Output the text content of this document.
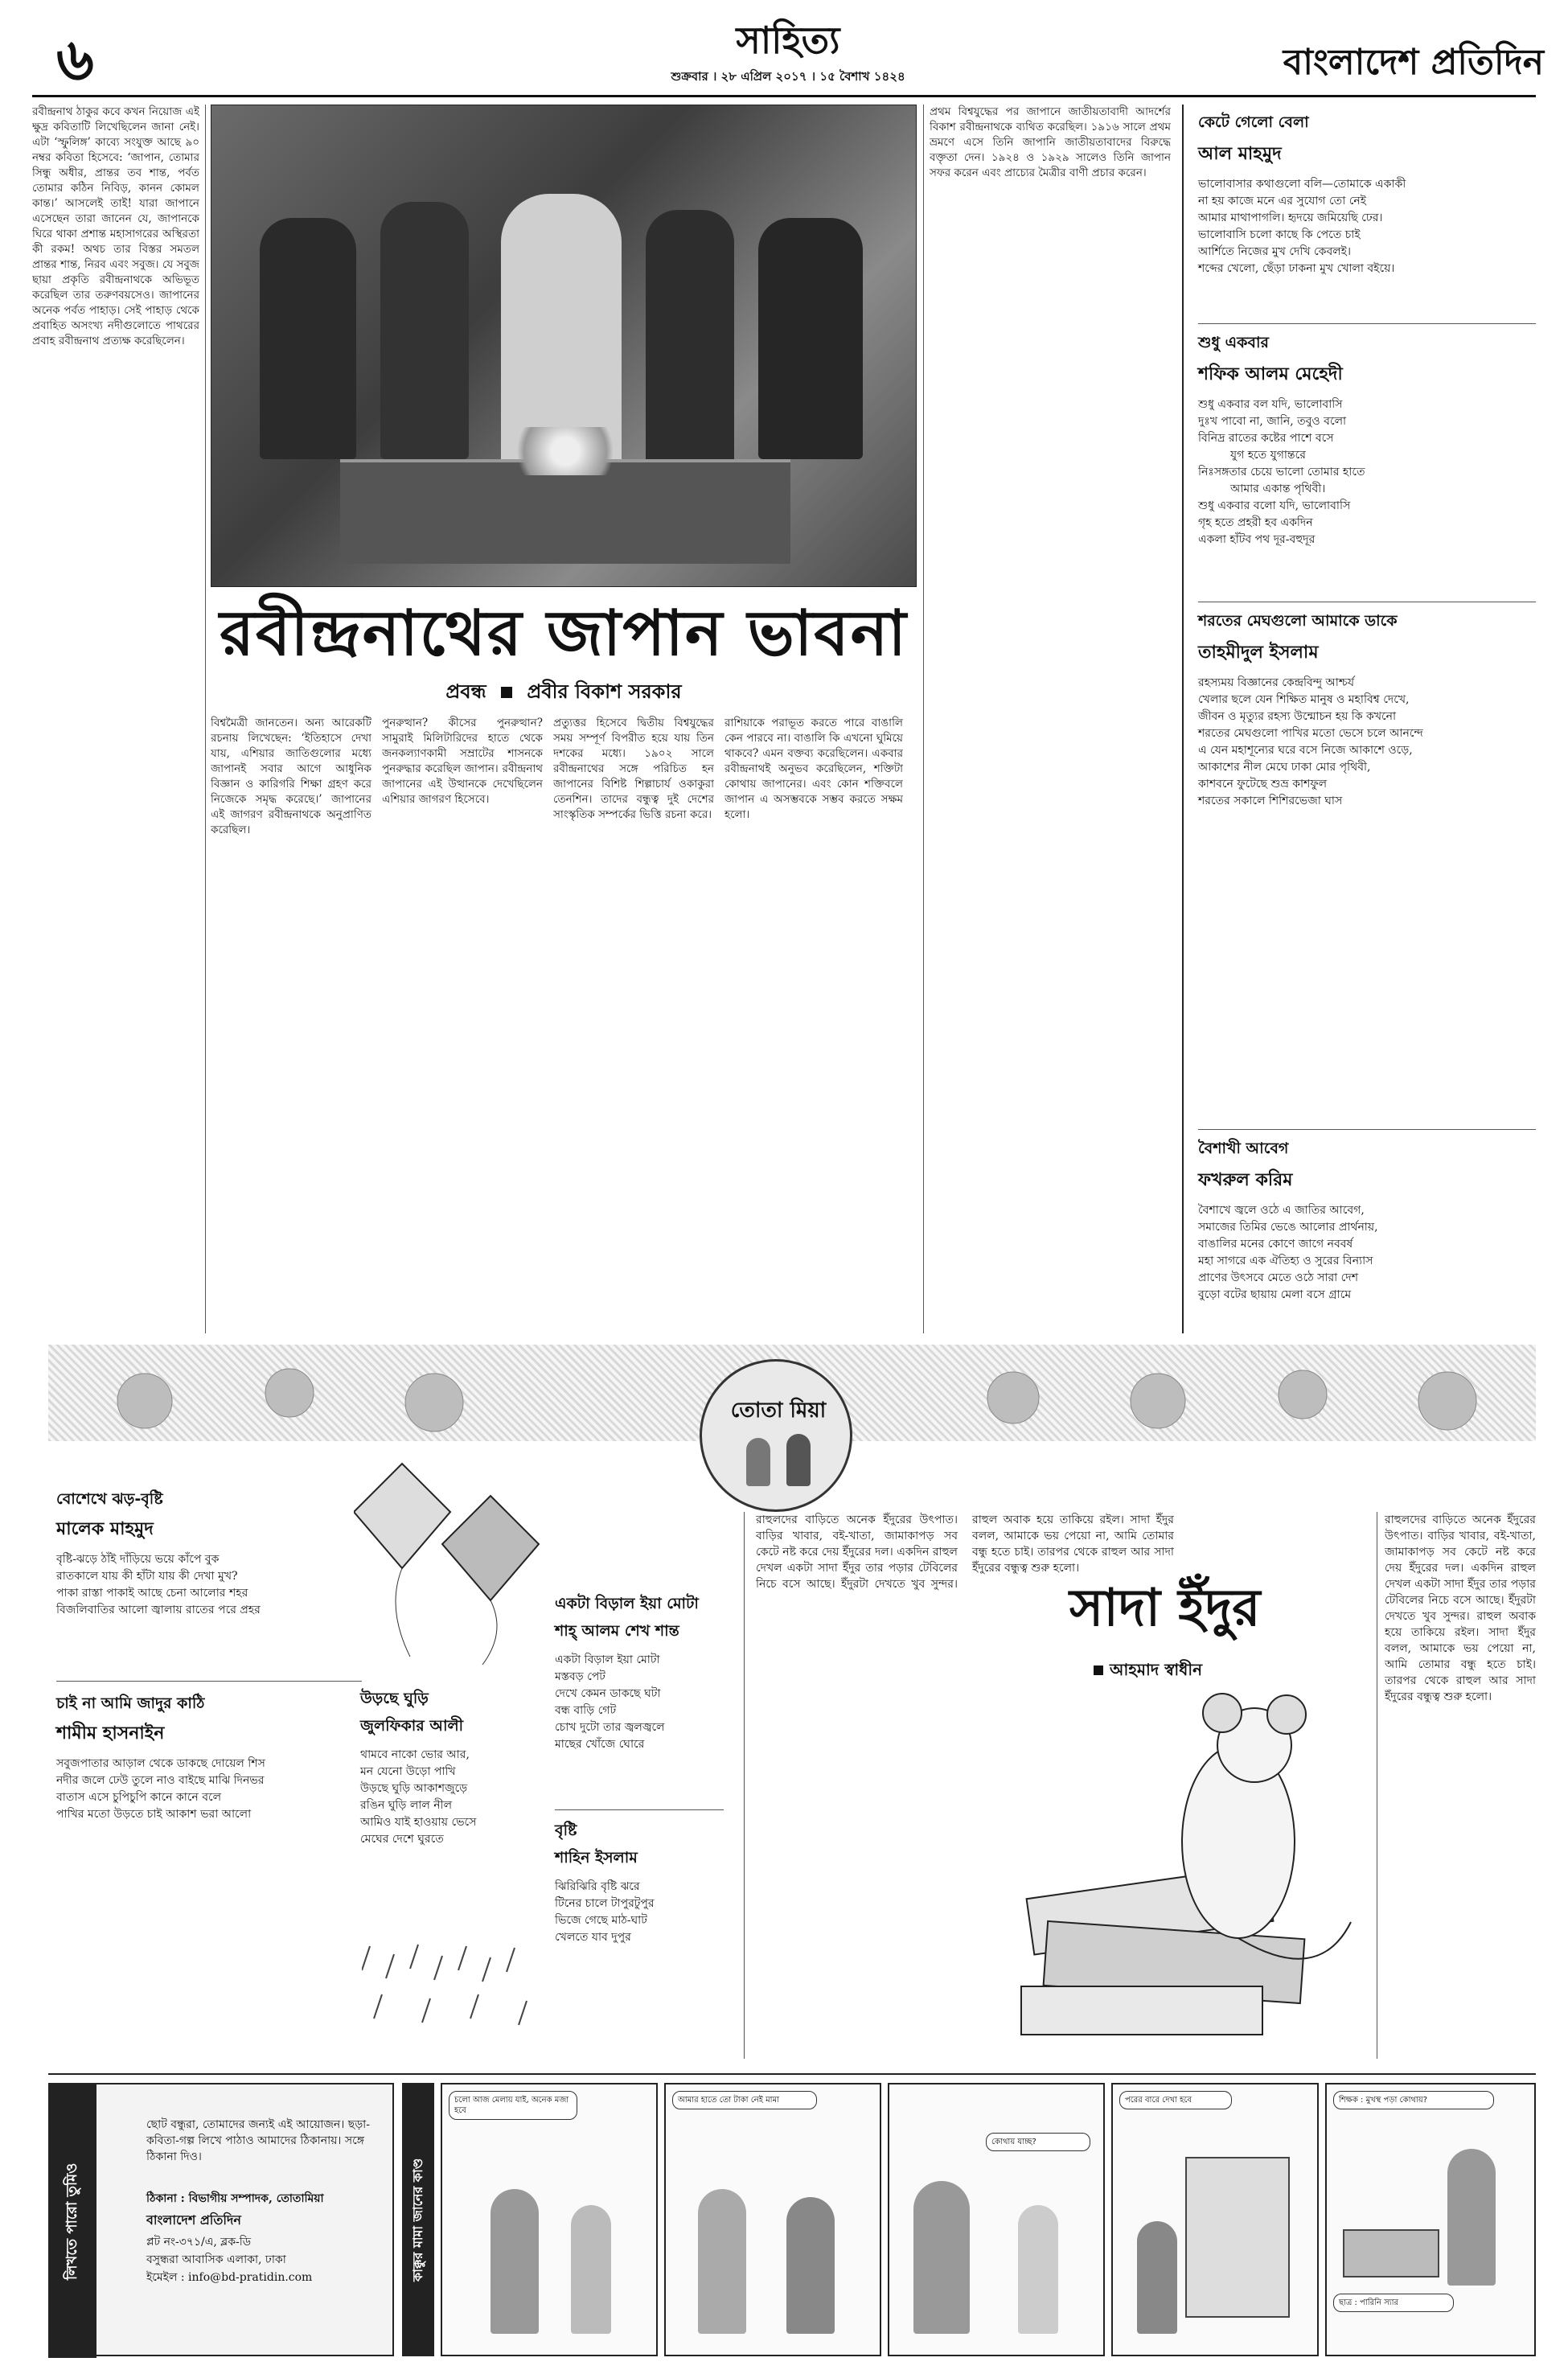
৬	সাহিত্য
শুক্রবার । ২৮ এপ্রিল ২০১৭ । ১৫ বৈশাখ ১৪২৪	বাংলাদেশ প্রতিদিন
রবীন্দ্রনাথ ঠাকুর কবে কখন নিয়োজ এই ক্ষুদ্র কবিতাটি লিখেছিলেন জানা নেই। এটা ‘স্ফুলিঙ্গ’ কাব্যে সংযুক্ত আছে ৯০ নম্বর কবিতা হিসেবে: ‘জাপান, তোমার সিন্ধু অধীর, প্রান্তর তব শান্ত, পর্বত তোমার কঠিন নিবিড়, কানন কোমল কান্ত।’ আসলেই তাই! যারা জাপানে এসেছেন তারা জানেন যে, জাপানকে ঘিরে থাকা প্রশান্ত মহাসাগরের অস্থিরতা কী রকম! অথচ তার বিস্তর সমতল প্রান্তর শান্ত, নিরব এবং সবুজ। যে সবুজ ছায়া প্রকৃতি রবীন্দ্রনাথকে অভিভূত করেছিল তার তরুণবয়সেও। জাপানের অনেক পর্বত পাহাড়। সেই পাহাড় থেকে প্রবাহিত অসংখ্য নদীগুলোতে পাথরের প্রবাহ রবীন্দ্রনাথ প্রত্যক্ষ করেছিলেন।
রবীন্দ্রনাথের জাপান ভাবনা
প্রবন্ধ প্রবীর বিকাশ সরকার
বিশ্বমৈত্রী জানতেন। অন্য আরেকটি রচনায় লিখেছেন: ‘ইতিহাসে দেখা যায়, এশিয়ার জাতিগুলোর মধ্যে জাপানই সবার আগে আধুনিক বিজ্ঞান ও কারিগরি শিক্ষা গ্রহণ করে নিজেকে সমৃদ্ধ করেছে।’ জাপানের এই জাগরণ রবীন্দ্রনাথকে অনুপ্রাণিত করেছিল।
পুনরুত্থান? কীসের পুনরুত্থান? সামুরাই মিলিটারিদের হাতে থেকে জনকল্যাণকামী সম্রাটের শাসনকে পুনরুদ্ধার করেছিল জাপান। রবীন্দ্রনাথ জাপানের এই উত্থানকে দেখেছিলেন এশিয়ার জাগরণ হিসেবে।
প্রত্যুত্তর হিসেবে দ্বিতীয় বিশ্বযুদ্ধের সময় সম্পূর্ণ বিপরীত হয়ে যায় তিন দশকের মধ্যে। ১৯০২ সালে রবীন্দ্রনাথের সঙ্গে পরিচিত হন জাপানের বিশিষ্ট শিল্পাচার্য ওকাকুরা তেনশিন। তাদের বন্ধুত্ব দুই দেশের সাংস্কৃতিক সম্পর্কের ভিত্তি রচনা করে।
রাশিয়াকে পরাভূত করতে পারে বাঙালি কেন পারবে না। বাঙালি কি এখনো ঘুমিয়ে থাকবে? এমন বক্তব্য করেছিলেন। একবার রবীন্দ্রনাথই অনুভব করেছিলেন, শক্তিটা কোথায় জাপানের। এবং কোন শক্তিবলে জাপান এ অসম্ভবকে সম্ভব করতে সক্ষম হলো।
প্রথম বিশ্বযুদ্ধের পর জাপানে জাতীয়তাবাদী আদর্শের বিকাশ রবীন্দ্রনাথকে ব্যথিত করেছিল। ১৯১৬ সালে প্রথম ভ্রমণে এসে তিনি জাপানি জাতীয়তাবাদের বিরুদ্ধে বক্তৃতা দেন। ১৯২৪ ও ১৯২৯ সালেও তিনি জাপান সফর করেন এবং প্রাচ্যের মৈত্রীর বাণী প্রচার করেন।
কেটে গেলো বেলা
আল মাহমুদ
ভালোবাসার কথাগুলো বলি—তোমাকে একাকী
না হয় কাজে মনে এর সুযোগ তো নেই
আমার মাথাপাগলি। হৃদয়ে জমিয়েছি ঢের।
ভালোবাসি চলো কাছে কি পেতে চাই
আর্শিতে নিজের মুখ দেখি কেবলই।
শব্দের খেলো, ছেঁড়া ঢাকনা মুখ খোলা বইয়ে।
শুধু একবার
শফিক আলম মেহেদী
শুধু একবার বল যদি, ভালোবাসি
দুঃখ পাবো না, জানি, তবুও বলো
বিনিদ্র রাতের কষ্টের পাশে বসে
যুগ হতে যুগান্তরে
নিঃসঙ্গতার চেয়ে ভালো তোমার হাতে
আমার একান্ত পৃথিবী।
শুধু একবার বলো যদি, ভালোবাসি
গৃহ হতে প্রহরী হব একদিন
একলা হাঁটব পথ দূর-বহুদূর
শরতের মেঘগুলো আমাকে ডাকে
তাহমীদুল ইসলাম
রহস্যময় বিজ্ঞানের কেন্দ্রবিন্দু আশ্চর্য
খেলার ছলে যেন শিক্ষিত মানুষ ও মহাবিশ্ব দেখে,
জীবন ও মৃত্যুর রহস্য উন্মোচন হয় কি কখনো
শরতের মেঘগুলো পাখির মতো ভেসে চলে আনন্দে
এ যেন মহাশূন্যের ঘরে বসে নিজে আকাশে ওড়ে,
আকাশের নীল মেঘে ঢাকা মোর পৃথিবী,
কাশবনে ফুটেছে শুভ্র কাশফুল
শরতের সকালে শিশিরভেজা ঘাস
বৈশাখী আবেগ
ফখরুল করিম
বৈশাখে জ্বলে ওঠে এ জাতির আবেগ,
সমাজের তিমির ভেঙে আলোর প্রার্থনায়,
বাঙালির মনের কোণে জাগে নববর্ষ
মহা সাগরে এক ঐতিহ্য ও সুরের বিন্যাস
প্রাণের উৎসবে মেতে ওঠে সারা দেশ
বুড়ো বটের ছায়ায় মেলা বসে গ্রামে
তোতা মিয়া
বোশেখে ঝড়-বৃষ্টি
মালেক মাহমুদ
বৃষ্টি-ঝড়ে ঠাঁই দাঁড়িয়ে ভয়ে কাঁপে বুক
রাতকালে যায় কী হাঁটা যায় কী দেখা মুখ?
পাকা রাস্তা পাকাই আছে চেনা আলোর শহর
বিজলিবাতির আলো জ্বালায় রাতের পরে প্রহর
চাই না আমি জাদুর কাঠি
শামীম হাসনাইন
সবুজপাতার আড়াল থেকে ডাকছে দোয়েল শিস
নদীর জলে ঢেউ তুলে নাও বাইছে মাঝি দিনভর
বাতাস এসে চুপিচুপি কানে কানে বলে
পাখির মতো উড়তে চাই আকাশ ভরা আলো
উড়ছে ঘুড়ি
জুলফিকার আলী
থামবে নাকো ভোর আর,
মন যেনো উড়ো পাখি
উড়ছে ঘুড়ি আকাশজুড়ে
রঙিন ঘুড়ি লাল নীল
আমিও যাই হাওয়ায় ভেসে
মেঘের দেশে ঘুরতে
একটা বিড়াল ইয়া মোটা
শাহ্ আলম শেখ শান্ত
একটা বিড়াল ইয়া মোটা
মস্তবড় পেট
দেখে কেমন ডাকছে ঘটা
বন্ধ বাড়ি গেট
চোখ দুটো তার জ্বলজ্বলে
মাছের খোঁজে ঘোরে
বৃষ্টি
শাহিন ইসলাম
ঝিরিঝিরি বৃষ্টি ঝরে
টিনের চালে টাপুরটুপুর
ভিজে গেছে মাঠ-ঘাট
খেলতে যাব দুপুর
রাহুলদের বাড়িতে অনেক ইঁদুরের উৎপাত। বাড়ির খাবার, বই-খাতা, জামাকাপড় সব কেটে নষ্ট করে দেয় ইঁদুরের দল। একদিন রাহুল দেখল একটা সাদা ইঁদুর তার পড়ার টেবিলের নিচে বসে আছে। ইঁদুরটা দেখতে খুব সুন্দর। রাহুল অবাক হয়ে তাকিয়ে রইল। সাদা ইঁদুর বলল, আমাকে ভয় পেয়ো না, আমি তোমার বন্ধু হতে চাই। তারপর থেকে রাহুল আর সাদা ইঁদুরের বন্ধুত্ব শুরু হলো।
সাদা ইঁদুর
আহমাদ স্বাধীন
রাহুলদের বাড়িতে অনেক ইঁদুরের উৎপাত। বাড়ির খাবার, বই-খাতা, জামাকাপড় সব কেটে নষ্ট করে দেয় ইঁদুরের দল। একদিন রাহুল দেখল একটা সাদা ইঁদুর তার পড়ার টেবিলের নিচে বসে আছে। ইঁদুরটা দেখতে খুব সুন্দর। রাহুল অবাক হয়ে তাকিয়ে রইল। সাদা ইঁদুর বলল, আমাকে ভয় পেয়ো না, আমি তোমার বন্ধু হতে চাই। তারপর থেকে রাহুল আর সাদা ইঁদুরের বন্ধুত্ব শুরু হলো।
লিখতে পারো তুমিও
ছোট বন্ধুরা, তোমাদের জন্যই এই আয়োজন। ছড়া-কবিতা-গল্প লিখে পাঠাও আমাদের ঠিকানায়। সঙ্গে ঠিকানা দিও।
ঠিকানা : বিভাগীয় সম্পাদক, তোতামিয়া
বাংলাদেশ প্রতিদিন
প্লট নং-৩৭১/এ, ব্লক-ডি
বসুন্ধরা আবাসিক এলাকা, ঢাকা
ইমেইল : info@bd-pratidin.com	কাক্কুর মামা জানের কাণ্ড
চলো আজ মেলায় যাই, অনেক মজা হবে
আমার হাতে তো টাকা নেই মামা
কোথায় যাচ্ছ?
পরের বারে দেখা হবে	শিক্ষক : মুখস্থ পড়া কোথায়?
ছাত্র : পারিনি স্যার
